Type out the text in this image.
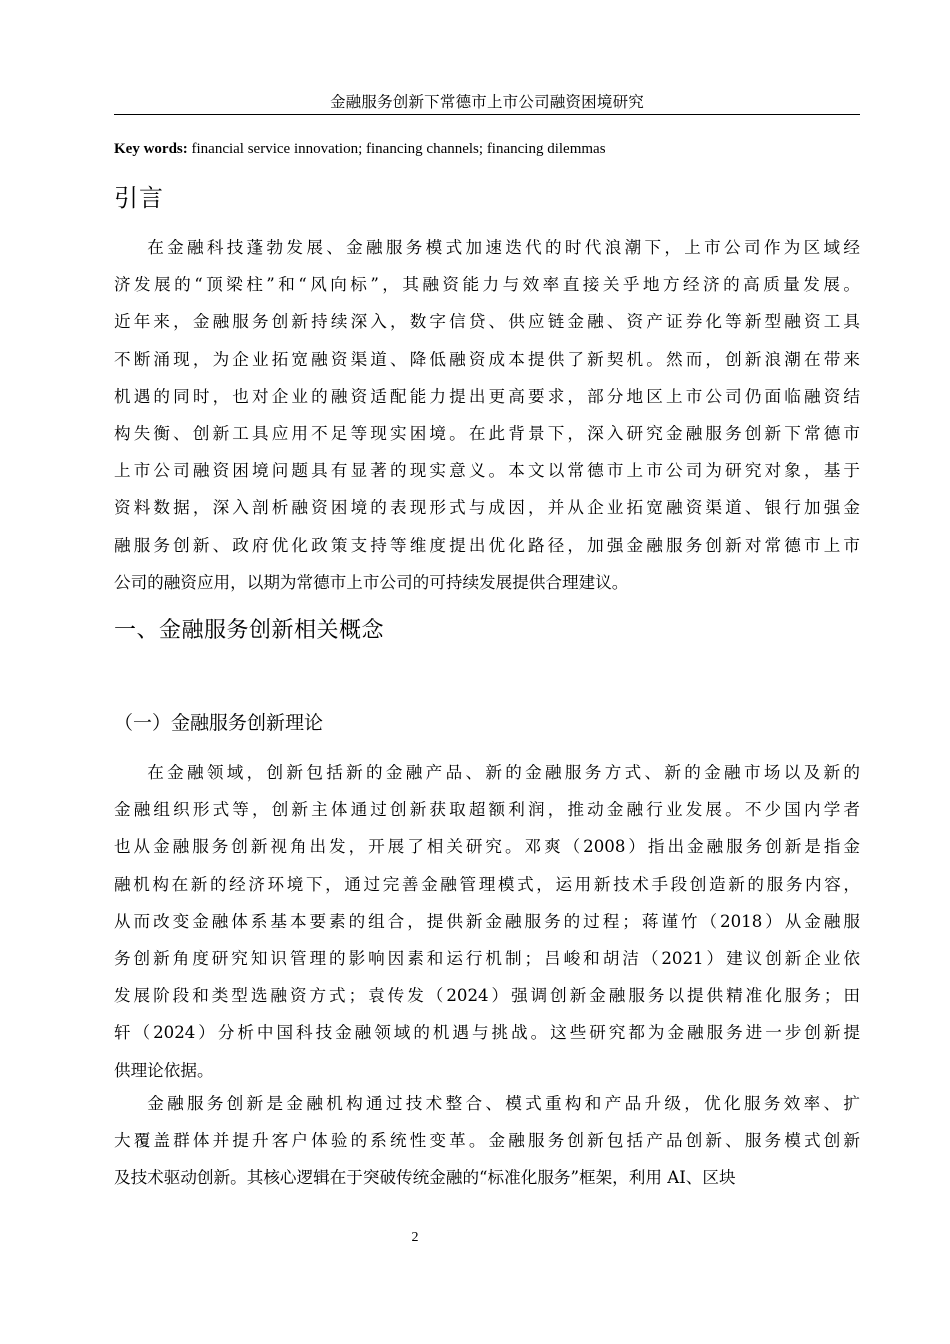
金融服务创新下常德市上市公司融资困境研究
Key words: financial service innovation; financing channels; financing dilemmas
引言
在金融科技蓬勃发展、金融服务模式加速迭代的时代浪潮下，上市公司作为区域经
济发展的“顶梁柱”和“风向标”，其融资能力与效率直接关乎地方经济的高质量发展。
近年来，金融服务创新持续深入，数字信贷、供应链金融、资产证券化等新型融资工具
不断涌现，为企业拓宽融资渠道、降低融资成本提供了新契机。然而，创新浪潮在带来
机遇的同时，也对企业的融资适配能力提出更高要求，部分地区上市公司仍面临融资结
构失衡、创新工具应用不足等现实困境。在此背景下，深入研究金融服务创新下常德市
上市公司融资困境问题具有显著的现实意义。本文以常德市上市公司为研究对象，基于
资料数据，深入剖析融资困境的表现形式与成因，并从企业拓宽融资渠道、银行加强金
融服务创新、政府优化政策支持等维度提出优化路径，加强金融服务创新对常德市上市
公司的融资应用，以期为常德市上市公司的可持续发展提供合理建议。
一、金融服务创新相关概念
（一）金融服务创新理论
在金融领域，创新包括新的金融产品、新的金融服务方式、新的金融市场以及新的
金融组织形式等，创新主体通过创新获取超额利润，推动金融行业发展。不少国内学者
也从金融服务创新视角出发，开展了相关研究。邓爽（2008）指出金融服务创新是指金
融机构在新的经济环境下，通过完善金融管理模式，运用新技术手段创造新的服务内容，
从而改变金融体系基本要素的组合，提供新金融服务的过程；蒋谨竹（2018）从金融服
务创新角度研究知识管理的影响因素和运行机制；吕峻和胡洁（2021）建议创新企业依
发展阶段和类型选融资方式；袁传发（2024）强调创新金融服务以提供精准化服务；田
轩（2024）分析中国科技金融领域的机遇与挑战。这些研究都为金融服务进一步创新提
供理论依据。
金融服务创新是金融机构通过技术整合、模式重构和产品升级，优化服务效率、扩
大覆盖群体并提升客户体验的系统性变革。金融服务创新包括产品创新、服务模式创新
及技术驱动创新。其核心逻辑在于突破传统金融的“标准化服务”框架，利用 AI、区块
2
